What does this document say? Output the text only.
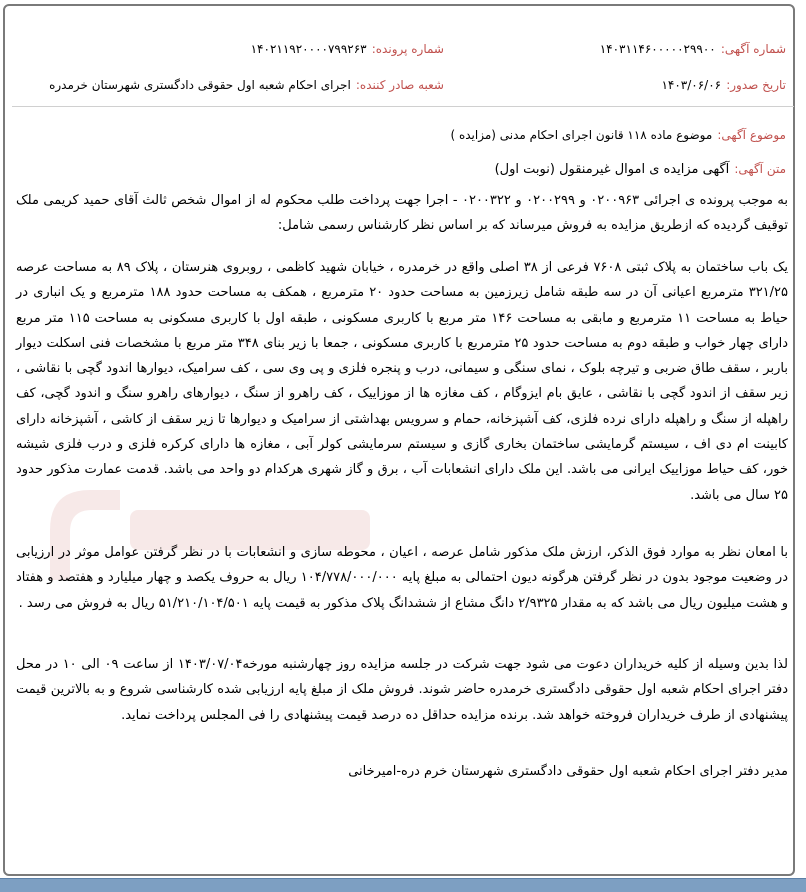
شماره آگهی: ۱۴۰۳۱۱۴۶۰۰۰۰۰۲۹۹۰۰
شماره پرونده: ۱۴۰۲۱۱۹۲۰۰۰۰۷۹۹۲۶۳
تاریخ صدور: ۱۴۰۳/۰۶/۰۶
شعبه صادر کننده: اجرای احکام شعبه اول حقوقی دادگستری شهرستان خرمدره
موضوع آگهی: موضوع ماده ۱۱۸ قانون اجرای احکام مدنی (مزایده )
متن آگهی: آگهی مزایده ی اموال غیرمنقول (نوبت اول)
به موجب پرونده ی اجرائی ۰۲۰۰۹۶۳ و ۰۲۰۰۲۹۹ و ۰۲۰۰۳۲۲ - اجرا جهت پرداخت طلب محکوم له از اموال شخص ثالث آقای حمید کریمی ملک توقیف گردیده که ازطریق مزایده به فروش میرساند که بر اساس نظر کارشناس رسمی شامل:
یک باب ساختمان به پلاک ثبتی ۷۶۰۸ فرعی از ۳۸ اصلی واقع در خرمدره ، خیابان شهید کاظمی ، روبروی هنرستان ، پلاک ۸۹ به مساحت عرصه ۳۲۱/۲۵ مترمربع اعیانی آن در سه طبقه شامل زیرزمین به مساحت حدود ۲۰ مترمربع ، همکف به مساحت حدود ۱۸۸ مترمربع و یک انباری در حیاط به مساحت ۱۱ مترمربع و مابقی به مساحت ۱۴۶ متر مربع با کاربری مسکونی ، طبقه اول با کاربری مسکونی به مساحت ۱۱۵ متر مربع دارای چهار خواب و طبقه دوم به مساحت حدود ۲۵ مترمربع با کاربری مسکونی ، جمعا با زیر بنای ۳۴۸ متر مربع با مشخصات فنی اسکلت دیوار باربر ، سقف طاق ضربی و تیرچه بلوک ، نمای سنگی و سیمانی، درب و پنجره فلزی و پی وی سی ، کف سرامیک، دیوارها اندود گچی با نقاشی ، زیر سقف از اندود گچی با نقاشی ، عایق بام ایزوگام ، کف مغازه ها از موزاییک ، کف راهرو از سنگ ، دیوارهای راهرو سنگ و اندود گچی، کف راهپله از سنگ و راهپله دارای نرده فلزی، کف آشپزخانه، حمام و سرویس بهداشتی از سرامیک و دیوارها تا زیر سقف از کاشی ، آشپزخانه دارای کابینت ام دی اف ، سیستم گرمایشی ساختمان بخاری گازی و سیستم سرمایشی کولر آبی ، مغازه ها دارای کرکره فلزی و درب فلزی شیشه خور، کف حیاط موزاییک ایرانی می باشد. این ملک دارای انشعابات آب ، برق و گاز شهری هرکدام دو واحد می باشد. قدمت عمارت مذکور حدود ۲۵ سال می باشد.
با امعان نظر به موارد فوق الذکر، ارزش ملک مذکور شامل عرصه ، اعیان ، محوطه سازی و انشعابات با در نظر گرفتن عوامل موثر در ارزیابی در وضعیت موجود بدون در نظر گرفتن هرگونه دیون احتمالی به مبلغ پایه ۱۰۴/۷۷۸/۰۰۰/۰۰۰ ریال به حروف یکصد و چهار میلیارد و هفتصد و هفتاد و هشت میلیون ریال می باشد که به مقدار ۲/۹۳۲۵ دانگ مشاع از ششدانگ پلاک مذکور به قیمت پایه ۵۱/۲۱۰/۱۰۴/۵۰۱ ریال به فروش می رسد .
لذا بدین وسیله از کلیه خریداران دعوت می شود جهت شرکت در جلسه مزایده روز چهارشنبه مورخه۱۴۰۳/۰۷/۰۴ از ساعت ۰۹ الی ۱۰ در محل دفتر اجرای احکام شعبه اول حقوقی دادگستری خرمدره حاضر شوند. فروش ملک از مبلغ پایه ارزیابی شده کارشناسی شروع و به بالاترین قیمت پیشنهادی از طرف خریداران فروخته خواهد شد. برنده مزایده حداقل ده درصد قیمت پیشنهادی را فی المجلس پرداخت نماید.
مدیر دفتر اجرای احکام شعبه اول حقوقی دادگستری شهرستان خرم دره-امیرخانی
